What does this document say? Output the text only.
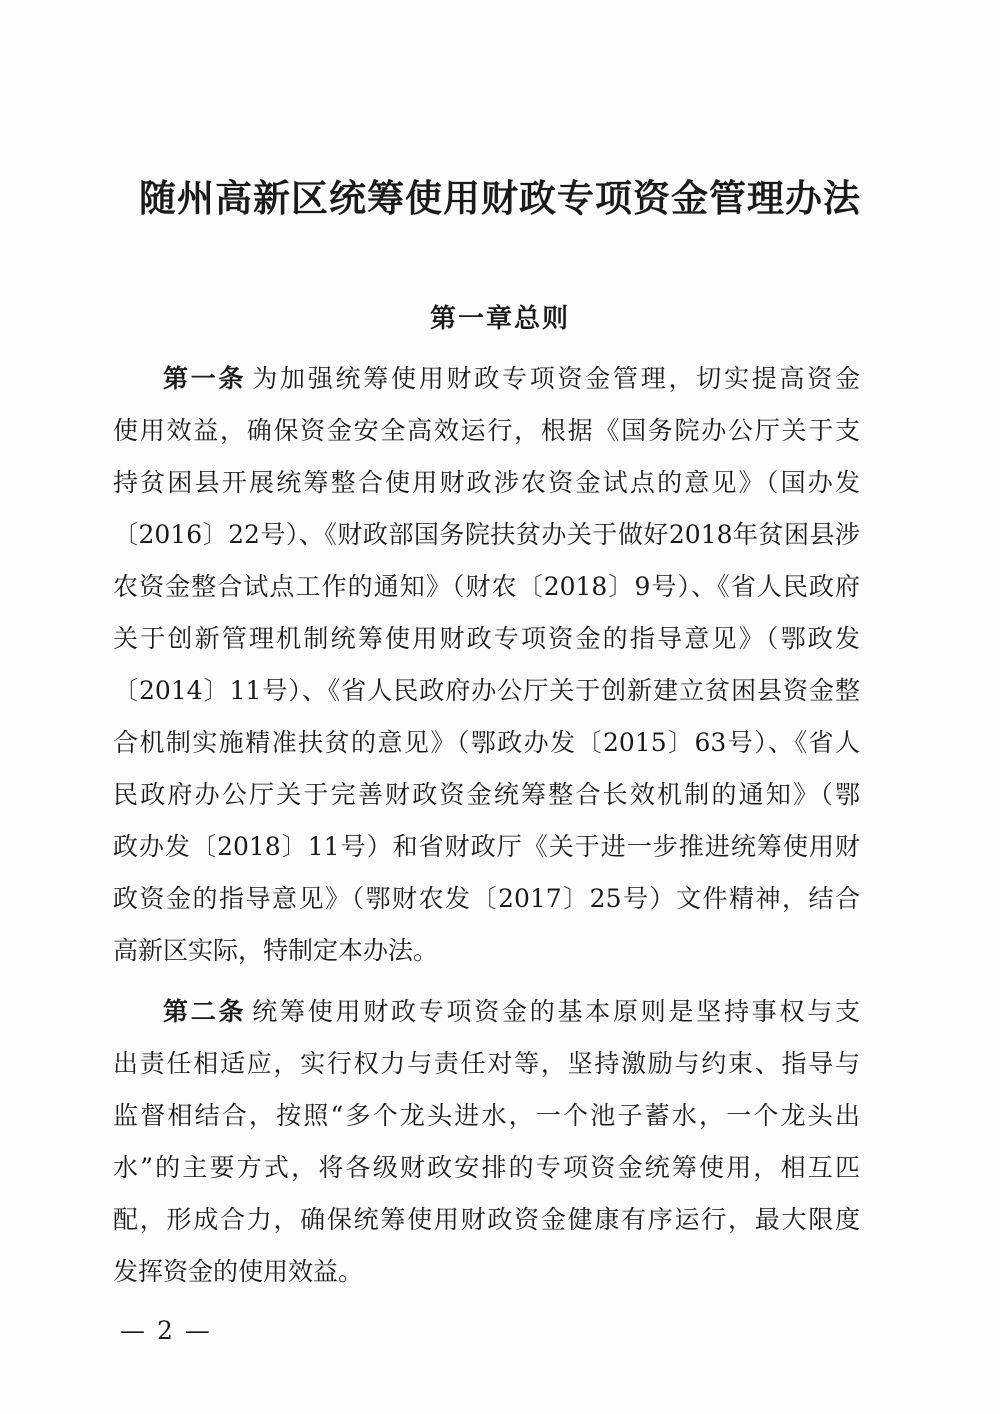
随州高新区统筹使用财政专项资金管理办法
第一章总则
第一条 为加强统筹使用财政专项资金管理，切实提高资金
使用效益，确保资金安全高效运行，根据《国务院办公厅关于支
持贫困县开展统筹整合使用财政涉农资金试点的意见》（国办发
〔2016〕22号）、《财政部国务院扶贫办关于做好2018年贫困县涉
农资金整合试点工作的通知》（财农〔2018〕9号）、《省人民政府
关于创新管理机制统筹使用财政专项资金的指导意见》（鄂政发
〔2014〕11号）、《省人民政府办公厅关于创新建立贫困县资金整
合机制实施精准扶贫的意见》（鄂政办发〔2015〕63号）、《省人
民政府办公厅关于完善财政资金统筹整合长效机制的通知》（鄂
政办发〔2018〕11号）和省财政厅《关于进一步推进统筹使用财
政资金的指导意见》（鄂财农发〔2017〕25号）文件精神，结合
高新区实际，特制定本办法。
第二条 统筹使用财政专项资金的基本原则是坚持事权与支
出责任相适应，实行权力与责任对等，坚持激励与约束、指导与
监督相结合，按照“多个龙头进水，一个池子蓄水，一个龙头出
水”的主要方式，将各级财政安排的专项资金统筹使用，相互匹
配，形成合力，确保统筹使用财政资金健康有序运行，最大限度
发挥资金的使用效益。
— 2 —
